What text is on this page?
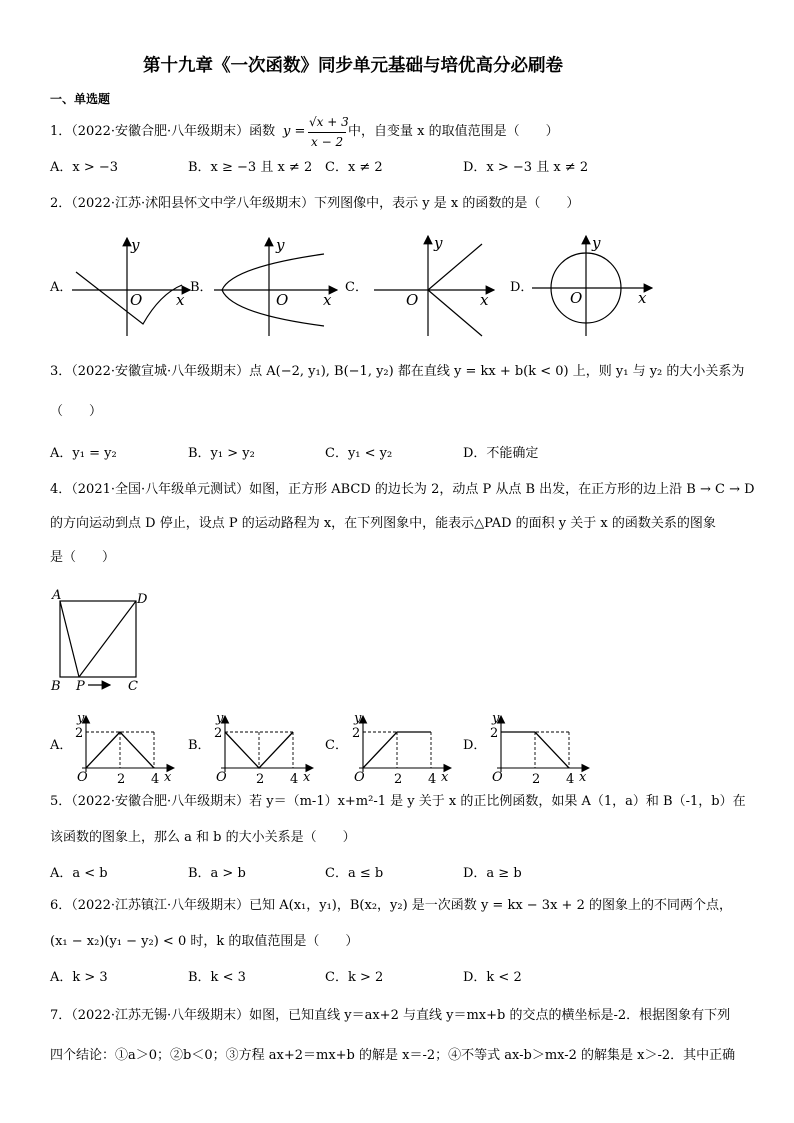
第十九章《一次函数》同步单元基础与培优高分必刷卷
一、单选题
1．（2022·安徽合肥·八年级期末）函数 y =
√x + 3
x − 2
中，自变量 x 的取值范围是（　　）
A．x > −3	B．x ≥ −3 且 x ≠ 2 C．x ≠ 2	D．x > −3 且 x ≠ 2
2．（2022·江苏·沭阳县怀文中学八年级期末）下列图像中，表示 y 是 x 的函数的是（　　）
A．	B．	C．	D．
y
x
O
y
x
O
y
x
O
y
x
O
3．（2022·安徽宣城·八年级期末）点 A(−2, y₁), B(−1, y₂) 都在直线 y = kx + b(k < 0) 上，则 y₁ 与 y₂ 的大小关系为
（　　）
A．y₁ = y₂	B．y₁ > y₂	C．y₁ < y₂	D．不能确定
4．（2021·全国·八年级单元测试）如图，正方形 ABCD 的边长为 2，动点 P 从点 B 出发，在正方形的边上沿 B → C → D
的方向运动到点 D 停止，设点 P 的运动路程为 x，在下列图象中，能表示△PAD 的面积 y 关于 x 的函数关系的图象
是（　　）
A	D
B	C
P
A．	B．	C．	D．
y
2
O 2 4 x
y
2
O 2 4 x
y
2
O 2 4 x
y
2
O 2 4 x
5．（2022·安徽合肥·八年级期末）若 y＝（m-1）x+m²-1 是 y 关于 x 的正比例函数，如果 A（1，a）和 B（-1，b）在
该函数的图象上，那么 a 和 b 的大小关系是（　　）
A．a < b	B．a > b	C．a ≤ b	D．a ≥ b
6．（2022·江苏镇江·八年级期末）已知 A(x₁，y₁)，B(x₂，y₂) 是一次函数 y = kx − 3x + 2 的图象上的不同两个点，
(x₁ − x₂)(y₁ − y₂) < 0 时，k 的取值范围是（　　）
A．k > 3	B．k < 3	C．k > 2	D．k < 2
7．（2022·江苏无锡·八年级期末）如图，已知直线 y＝ax+2 与直线 y＝mx+b 的交点的横坐标是-2．根据图象有下列
四个结论：①a＞0；②b＜0；③方程 ax+2＝mx+b 的解是 x＝-2；④不等式 ax-b＞mx-2 的解集是 x＞-2．其中正确
